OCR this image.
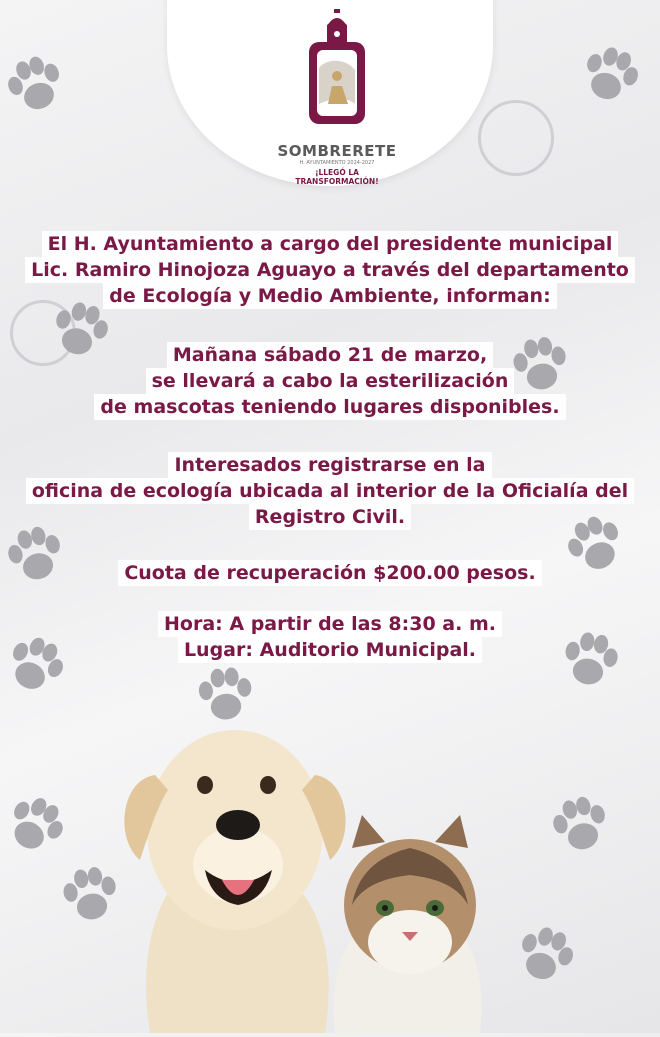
SOMBRERETE
H. AYUNTAMIENTO 2024-2027
¡LLEGÓ LA TRANSFORMACIÓN!
El H. Ayuntamiento a cargo del presidente municipal
Lic. Ramiro Hinojoza Aguayo a través del departamento
de Ecología y Medio Ambiente, informan:
Mañana sábado 21 de marzo,
se llevará a cabo la esterilización
de mascotas teniendo lugares disponibles.
Interesados registrarse en la
oficina de ecología ubicada al interior de la Oficialía del
Registro Civil.
Cuota de recuperación $200.00 pesos.
Hora: A partir de las 8:30 a. m.
Lugar: Auditorio Municipal.
